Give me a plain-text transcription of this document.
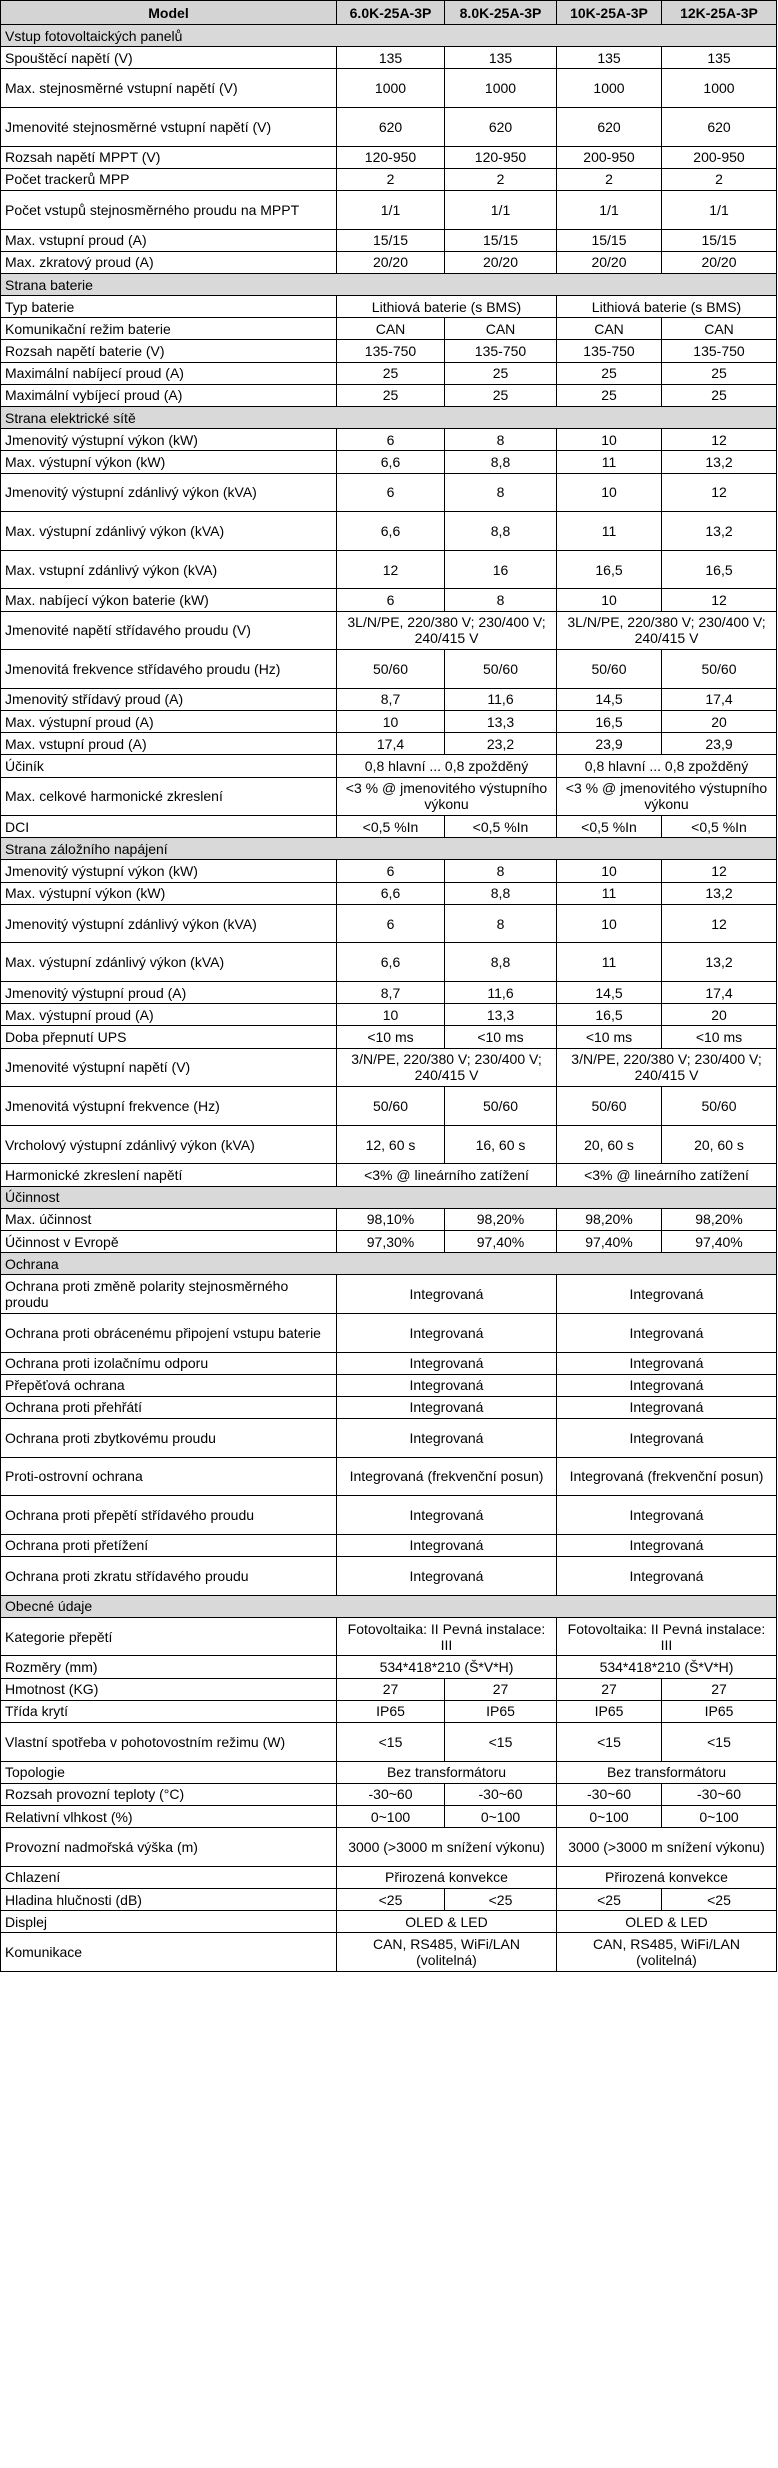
Model	6.0K-25A-3P	8.0K-25A-3P	10K-25A-3P	12K-25A-3P
Vstup fotovoltaických panelů				
Spouštěcí napětí (V)	135	135	135	135
Max. stejnosměrné vstupní napětí (V)	1000	1000	1000	1000
Jmenovité stejnosměrné vstupní napětí (V)	620	620	620	620
Rozsah napětí MPPT (V)	120-950	120-950	200-950	200-950
Počet trackerů MPP	2	2	2	2
Počet vstupů stejnosměrného proudu na MPPT	1/1	1/1	1/1	1/1
Max. vstupní proud (A)	15/15	15/15	15/15	15/15
Max. zkratový proud (A)	20/20	20/20	20/20	20/20
Strana baterie				
Typ baterie	Lithiová baterie (s BMS)		Lithiová baterie (s BMS)	
Komunikační režim baterie	CAN	CAN	CAN	CAN
Rozsah napětí baterie (V)	135-750	135-750	135-750	135-750
Maximální nabíjecí proud (A)	25	25	25	25
Maximální vybíjecí proud (A)	25	25	25	25
Strana elektrické sítě				
Jmenovitý výstupní výkon (kW)	6	8	10	12
Max. výstupní výkon (kW)	6,6	8,8	11	13,2
Jmenovitý výstupní zdánlivý výkon (kVA)	6	8	10	12
Max. výstupní zdánlivý výkon (kVA)	6,6	8,8	11	13,2
Max. vstupní zdánlivý výkon (kVA)	12	16	16,5	16,5
Max. nabíjecí výkon baterie (kW)	6	8	10	12
Jmenovité napětí střídavého proudu (V)	3L/N/PE, 220/380 V; 230/400 V; 240/415 V		3L/N/PE, 220/380 V; 230/400 V; 240/415 V	
Jmenovitá frekvence střídavého proudu (Hz)	50/60	50/60	50/60	50/60
Jmenovitý střídavý proud (A)	8,7	11,6	14,5	17,4
Max. výstupní proud (A)	10	13,3	16,5	20
Max. vstupní proud (A)	17,4	23,2	23,9	23,9
Účiník	0,8 hlavní ... 0,8 zpožděný		0,8 hlavní ... 0,8 zpožděný	
Max. celkové harmonické zkreslení	<3 % @ jmenovitého výstupního výkonu		<3 % @ jmenovitého výstupního výkonu	
DCI	<0,5 %In	<0,5 %In	<0,5 %In	<0,5 %In
Strana záložního napájení				
Jmenovitý výstupní výkon (kW)	6	8	10	12
Max. výstupní výkon (kW)	6,6	8,8	11	13,2
Jmenovitý výstupní zdánlivý výkon (kVA)	6	8	10	12
Max. výstupní zdánlivý výkon (kVA)	6,6	8,8	11	13,2
Jmenovitý výstupní proud (A)	8,7	11,6	14,5	17,4
Max. výstupní proud (A)	10	13,3	16,5	20
Doba přepnutí UPS	<10 ms	<10 ms	<10 ms	<10 ms
Jmenovité výstupní napětí (V)	3/N/PE, 220/380 V; 230/400 V; 240/415 V		3/N/PE, 220/380 V; 230/400 V; 240/415 V	
Jmenovitá výstupní frekvence (Hz)	50/60	50/60	50/60	50/60
Vrcholový výstupní zdánlivý výkon (kVA)	12, 60 s	16, 60 s	20, 60 s	20, 60 s
Harmonické zkreslení napětí	<3% @ lineárního zatížení		<3% @ lineárního zatížení	
Účinnost				
Max. účinnost	98,10%	98,20%	98,20%	98,20%
Účinnost v Evropě	97,30%	97,40%	97,40%	97,40%
Ochrana				
Ochrana proti změně polarity stejnosměrného proudu	Integrovaná		Integrovaná	
Ochrana proti obrácenému připojení vstupu baterie	Integrovaná		Integrovaná	
Ochrana proti izolačnímu odporu	Integrovaná		Integrovaná	
Přepěťová ochrana	Integrovaná		Integrovaná	
Ochrana proti přehřátí	Integrovaná		Integrovaná	
Ochrana proti zbytkovému proudu	Integrovaná		Integrovaná	
Proti-ostrovní ochrana	Integrovaná (frekvenční posun)		Integrovaná (frekvenční posun)	
Ochrana proti přepětí střídavého proudu	Integrovaná		Integrovaná	
Ochrana proti přetížení	Integrovaná		Integrovaná	
Ochrana proti zkratu střídavého proudu	Integrovaná		Integrovaná	
Obecné údaje				
Kategorie přepětí	Fotovoltaika: II Pevná instalace: III		Fotovoltaika: II Pevná instalace: III	
Rozměry (mm)	534*418*210 (Š*V*H)		534*418*210 (Š*V*H)	
Hmotnost (KG)	27	27	27	27
Třída krytí	IP65	IP65	IP65	IP65
Vlastní spotřeba v pohotovostním režimu (W)	<15	<15	<15	<15
Topologie	Bez transformátoru		Bez transformátoru	
Rozsah provozní teploty (°C)	-30~60	-30~60	-30~60	-30~60
Relativní vlhkost (%)	0~100	0~100	0~100	0~100
Provozní nadmořská výška (m)	3000 (>3000 m snížení výkonu)		3000 (>3000 m snížení výkonu)	
Chlazení	Přirozená konvekce		Přirozená konvekce	
Hladina hlučnosti (dB)	<25	<25	<25	<25
Displej	OLED & LED		OLED & LED	
Komunikace	CAN, RS485, WiFi/LAN (volitelná)		CAN, RS485, WiFi/LAN (volitelná)	
